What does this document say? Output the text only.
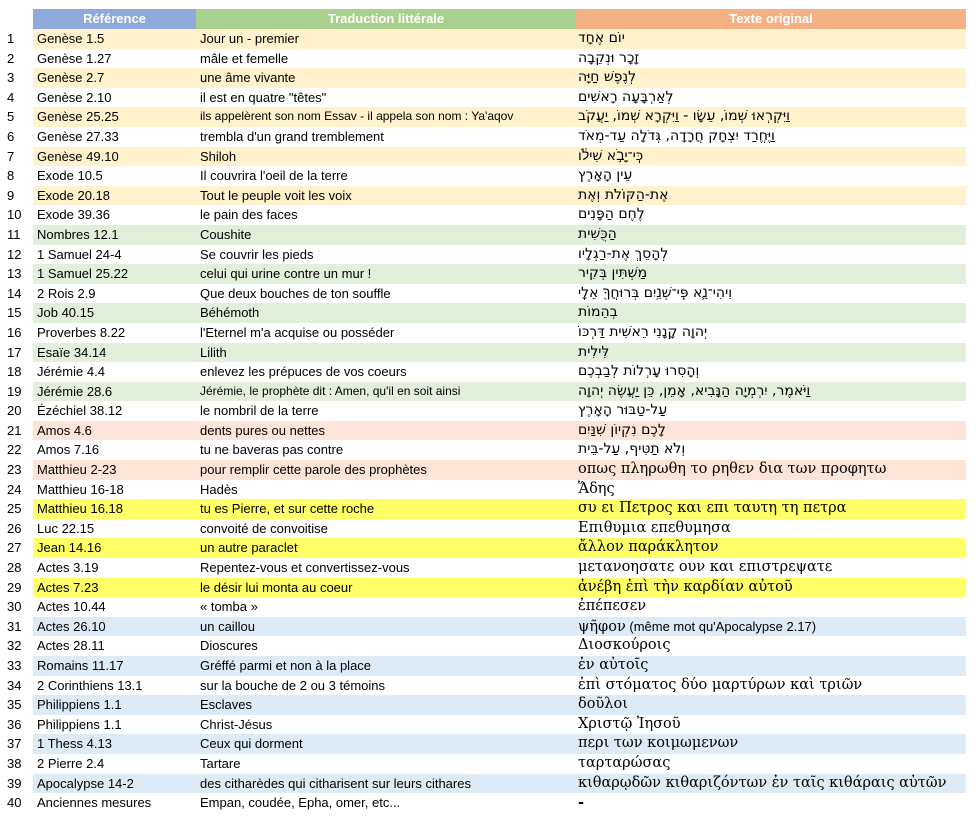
Référence	Traduction littérale	Texte original
1	Genèse 1.5	Jour un - premier	יוֹם אֶחָד
2	Genèse 1.27	mâle et femelle	זָכָר וּנְקֵבָה
3	Genèse 2.7	une âme vivante	לְנֶפֶשׁ חַיָּה
4	Genèse 2.10	il est en quatre "têtes"	לְאַרְבָּעָה רָאשִׁים
5	Genèse 25.25	ils appelèrent son nom Essav - il appela son nom : Ya'aqov	וַיִּקְרְאוּ שְׁמוֹ, עֵשָׂו - וַיִּקְרָא שְׁמוֹ, יַעֲקֹב
6	Genèse 27.33	trembla d'un grand tremblement	וַיֶּחֱרַד יִצְחָק חֲרָדָה, גְּדֹלָה עַד-מְאֹד
7	Genèse 49.10	Shiloh	כִּֽי־יָבֹ֣א שִׁילֹ֔ו
8	Exode 10.5	Il couvrira l'oeil de la terre	עֵין הָאָרֶץ
9	Exode 20.18	Tout le peuple voit les voix	אֶת-הַקּוֹלֹת וְאֶת
10	Exode 39.36	le pain des faces	לֶחֶם הַפָּנִים
11	Nombres 12.1	Coushite	הַכֻּשִׁית
12	1 Samuel 24-4	Se couvrir les pieds	לְהָסֵךְ אֶת-רַגְלָיו
13	1 Samuel 25.22	celui qui urine contre un mur !	מַשְׁתִּין בְּקִיר
14	2 Rois 2.9	Que deux bouches de ton souffle	וִיהִי־נָ֛א פִּֽי־שְׁנַ֥יִם בְּרוּחֲךָ֖ אֵלָֽי
15	Job 40.15	Béhémoth	בְהֵמוֹת
16	Proverbes 8.22	l'Eternel m'a acquise ou posséder	יְהוָה קָנָנִי רֵאשִׁית דַּרְכּוֹ
17	Esaïe 34.14	Lilith	לִּילִית
18	Jérémie 4.4	enlevez les prépuces de vos coeurs	וְהָסִרוּ עָרְלוֹת לְבַבְכֶם
19	Jérémie 28.6	Jérémie, le prophète dit : Amen, qu'il en soit ainsi	וַיֹּאמֶר, יִרְמְיָה הַנָּבִיא, אָמֵן, כֵּן יַעֲשֶׂה יְהוָה
20	Ézéchiel 38.12	le nombril de la terre	עַל-טַבּוּר הָאָרֶץ
21	Amos 4.6	dents pures ou nettes	לָכֶם נִקְיוֹן שִׁנַּיִם
22	Amos 7.16	tu ne baveras pas contre	וְלֹא תַטִּיף, עַל-בֵּית
23	Matthieu 2-23	pour remplir cette parole des prophètes	οπως πληρωθη το ρηθεν δια των προφητω
24	Matthieu 16-18	Hadès	Ἅδης
25	Matthieu 16.18	tu es Pierre, et sur cette roche	συ ει Πετρος και επι ταυτη τη πετρα
26	Luc 22.15	convoité de convoitise	Επιθυμια επεθυμησα
27	Jean 14.16	un autre paraclet	ἄλλον παράκλητον
28	Actes 3.19	Repentez-vous et convertissez-vous	μετανοησατε ουν και επιστρεψατε
29	Actes 7.23	le désir lui monta au coeur	ἀνέβη ἐπὶ τὴν καρδίαν αὐτοῦ
30	Actes 10.44	« tomba »	ἐπέπεσεν
31	Actes 26.10	un caillou	ψῆφον (même mot qu'Apocalypse 2.17)
32	Actes 28.11	Dioscures	Διοσκούροις
33	Romains 11.17	Gréffé parmi et non à la place	ἐν αὐτοῖς
34	2 Corinthiens 13.1	sur la bouche de 2 ou 3 témoins	ἐπὶ στόματος δύο μαρτύρων καὶ τριῶν
35	Philippiens 1.1	Esclaves	δοῦλοι
36	Philippiens 1.1	Christ-Jésus	Χριστῷ Ἰησοῦ
37	1 Thess 4.13	Ceux qui dorment	περι των κοιμωμενων
38	2 Pierre 2.4	Tartare	ταρταρώσας
39	Apocalypse 14-2	des citharèdes qui citharisent sur leurs cithares	κιθαρῳδῶν κιθαριζόντων ἐν ταῖς κιθάραις αὐτῶν
40	Anciennes mesures	Empan, coudée, Epha, omer, etc...	-
